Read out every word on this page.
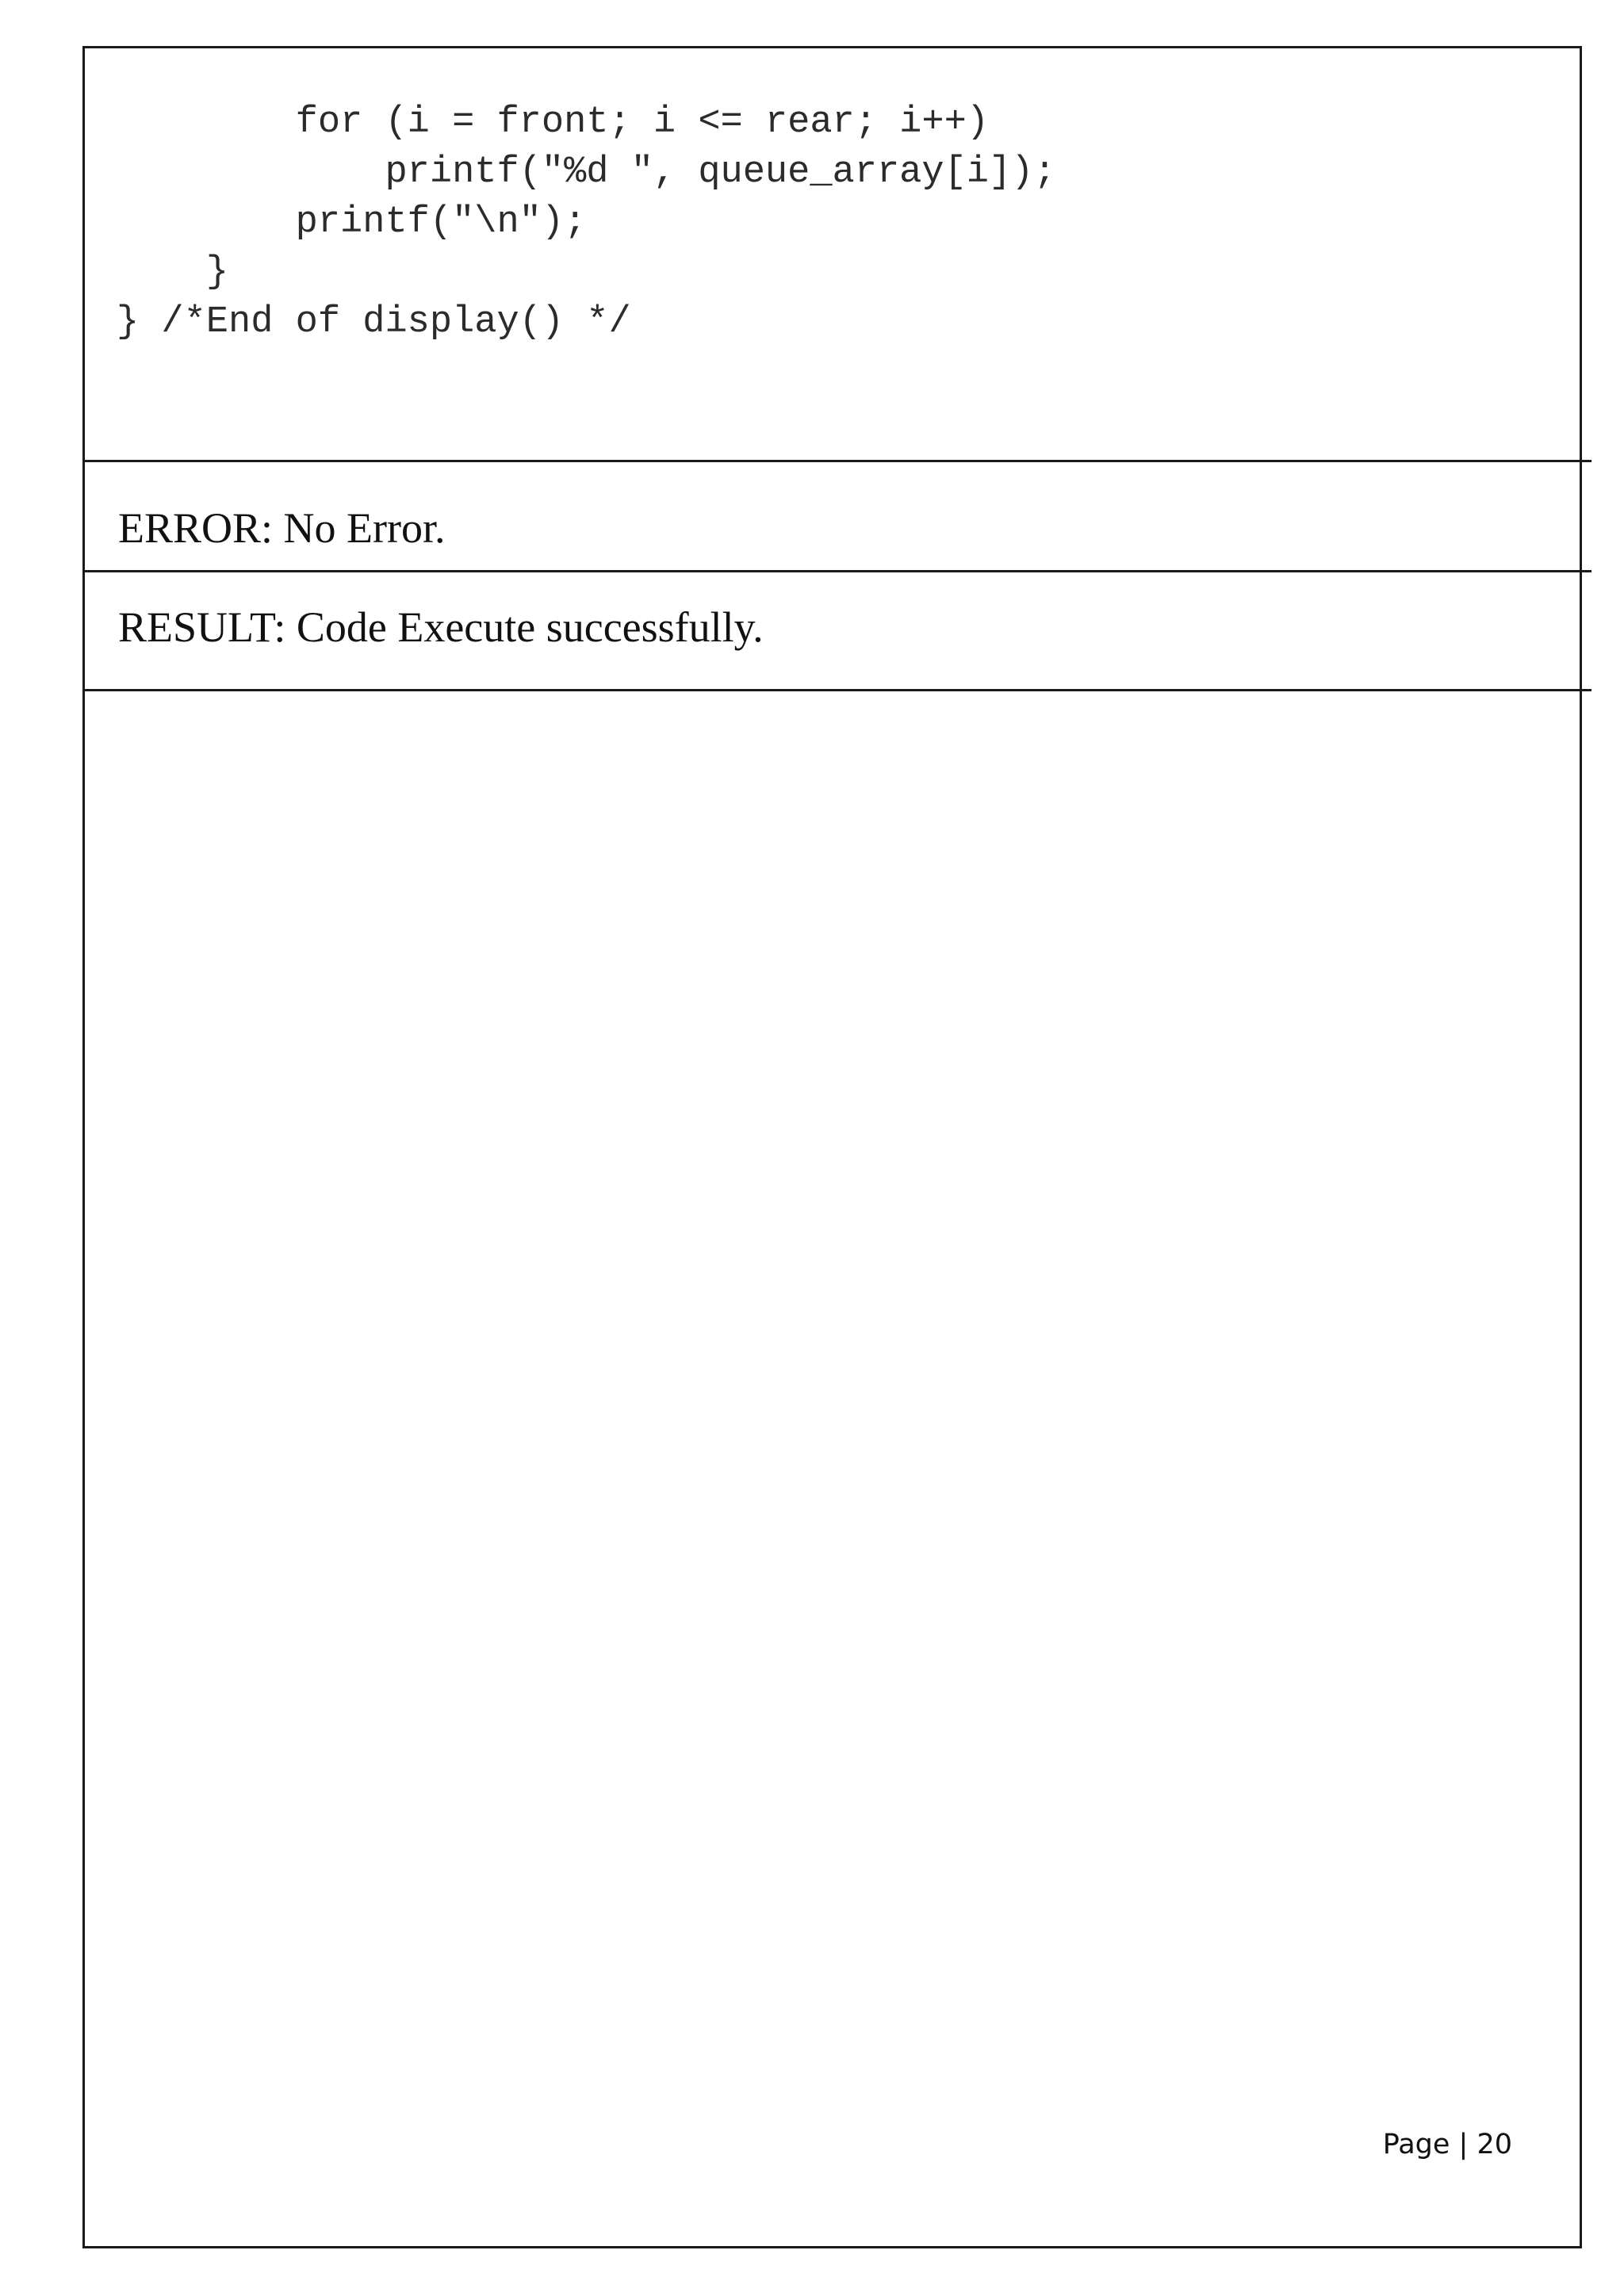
for (i = front; i <= rear; i++)
printf("%d ", queue_array[i]);
printf("\n");
}
} /*End of display() */
ERROR: No Error.
RESULT: Code Execute successfully.
Page | 20
